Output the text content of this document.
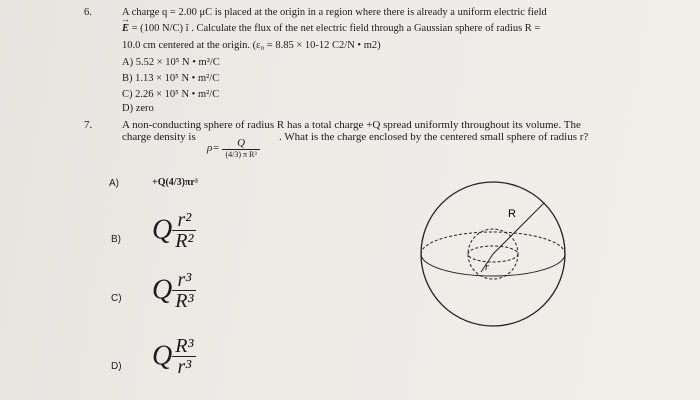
6.	A charge q = 2.00 μC is placed at the origin in a region where there is already a uniform electric field
→ E = (100 N/C) î . Calculate the flux of the net electric field through a Gaussian sphere of radius R =
10.0 cm centered at the origin. (ε₀ = 8.85 × 10-12 C2/N • m2)
A) 5.52 × 10⁵ N • m²/C
B) 1.13 × 10⁵ N • m²/C
C) 2.26 × 10⁵ N • m²/C
D) zero
7.	A non-conducting sphere of radius R has a total charge +Q spread uniformly throughout its volume. The
charge density is	. What is the charge enclosed by the centered small sphere of radius r?
$\rho= \frac{Q}{\text{(4/3) π R³}}$
A)	+Q(4/3)πr³
B) Q $\frac{\text{r²}}{\text{R²}}$
C) Q $\frac{\text{r³}}{\text{R³}}$
D) Q $\frac{\text{R³}}{\text{r³}}$
R
r
